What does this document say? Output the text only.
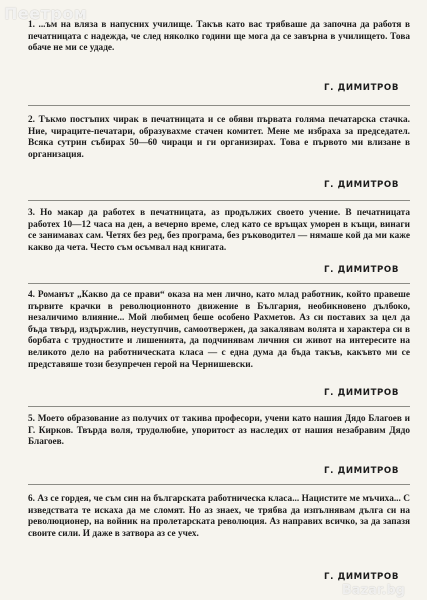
1. ...ъм на вляза в напусних училище. Такъв като вас трябваше да започна да работя в печатницата с надежда, че след няколко години ще мога да се завърна в училището. Това обаче не ми се удаде.

Г. ДИМИТРОВ

2. Тъкмо постъпих чирак в печатницата и се обяви първата голяма печатарска стачка. Ние, чираците-печатари, образувахме стачен комитет. Мене ме избраха за председател. Всяка сутрин събирах 50—60 чираци и ги организирах. Това е първото ми влизане в организация.

Г. ДИМИТРОВ

3. Но макар да работех в печатницата, аз продължих своето учение. В печатницата работех 10—12 часа на ден, а вечерно време, след като се връщах уморен в къщи, винаги се занимавах сам. Четях без ред, без програма, без ръководител — нямаше кой да ми каже какво да чета. Често съм осъмвал над книгата.

Г. ДИМИТРОВ

4. Романът „Какво да се прави“ оказа на мен лично, като млад работник, който правеше първите крачки в революционното движение в България, необикновено дълбоко, незаличимо влияние... Мой любимец беше особено Рахметов. Аз си поставих за цел да бъда твърд, издържлив, неуступчив, самоотвержен, да закалявам волята и характера си в борбата с трудностите и лишенията, да подчинявам личния си живот на интересите на великото дело на работническата класа — с една дума да бъда такъв, какъвто ми се представяше този безупречен герой на Чернишевски.

Г. ДИМИТРОВ

5. Моето образование аз получих от такива професори, учени като нашия Дядо Благоев и Г. Кирков. Твърда воля, трудолюбие, упоритост аз наследих от нашия незабравим Дядо Благоев.

Г. ДИМИТРОВ

6. Аз се гордея, че съм син на българската работническа класа... Нацистите ме мъчиха... С изведствата те искаха да ме сломят. Но аз знаех, че трябва да изпълнявам дълга си на революционер, на войник на пролетарската революция. Аз направих всичко, за да запазя своите сили. И даже в затвора аз се учех.

Г. ДИМИТРОВ
Пеетром
Bazar.bg
